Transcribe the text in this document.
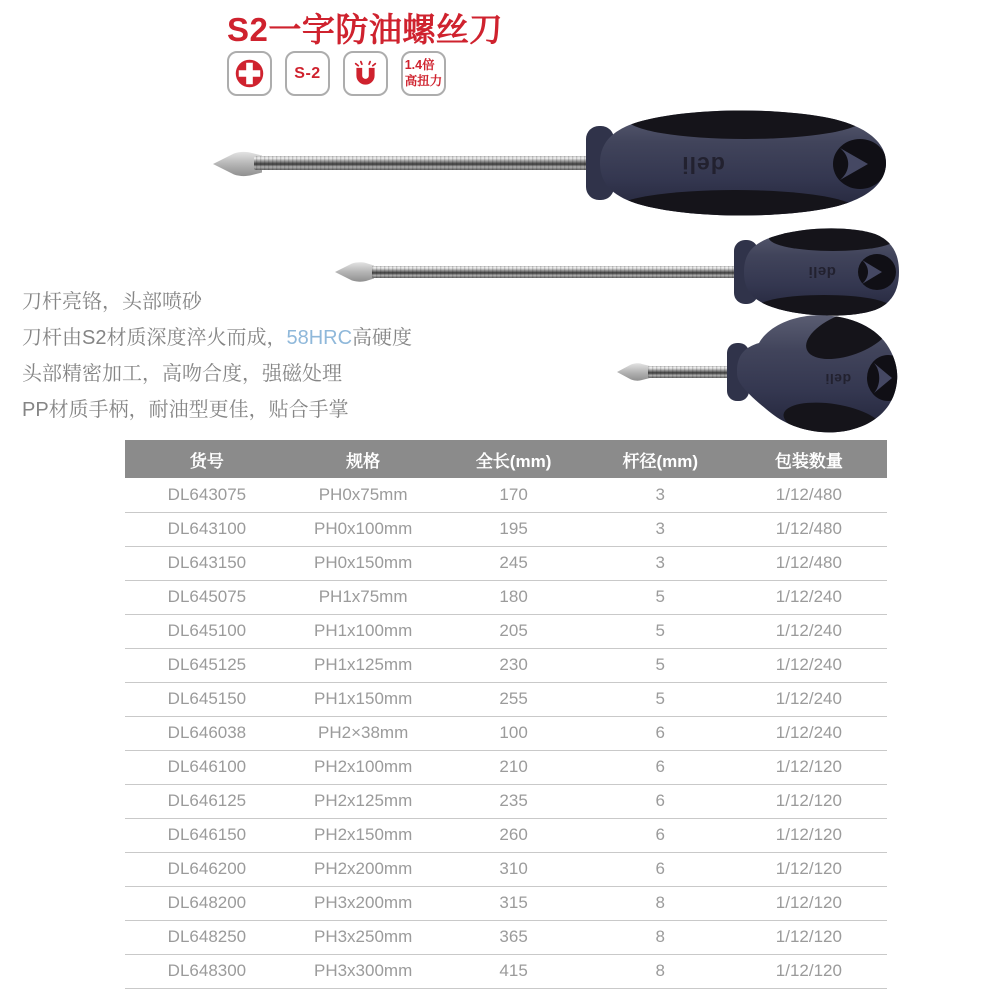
S2一字防油螺丝刀
S-2	1.4倍
高扭力
deli
deli
deli
刀杆亮铬，头部喷砂
刀杆由S2材质深度淬火而成，58HRC高硬度
头部精密加工，高吻合度，强磁处理
PP材质手柄，耐油型更佳，贴合手掌
货号	规格	全长(mm)	杆径(mm)	包装数量
DL643075	PH0x75mm	170	3	1/12/480
DL643100	PH0x100mm	195	3	1/12/480
DL643150	PH0x150mm	245	3	1/12/480
DL645075	PH1x75mm	180	5	1/12/240
DL645100	PH1x100mm	205	5	1/12/240
DL645125	PH1x125mm	230	5	1/12/240
DL645150	PH1x150mm	255	5	1/12/240
DL646038	PH2×38mm	100	6	1/12/240
DL646100	PH2x100mm	210	6	1/12/120
DL646125	PH2x125mm	235	6	1/12/120
DL646150	PH2x150mm	260	6	1/12/120
DL646200	PH2x200mm	310	6	1/12/120
DL648200	PH3x200mm	315	8	1/12/120
DL648250	PH3x250mm	365	8	1/12/120
DL648300	PH3x300mm	415	8	1/12/120
